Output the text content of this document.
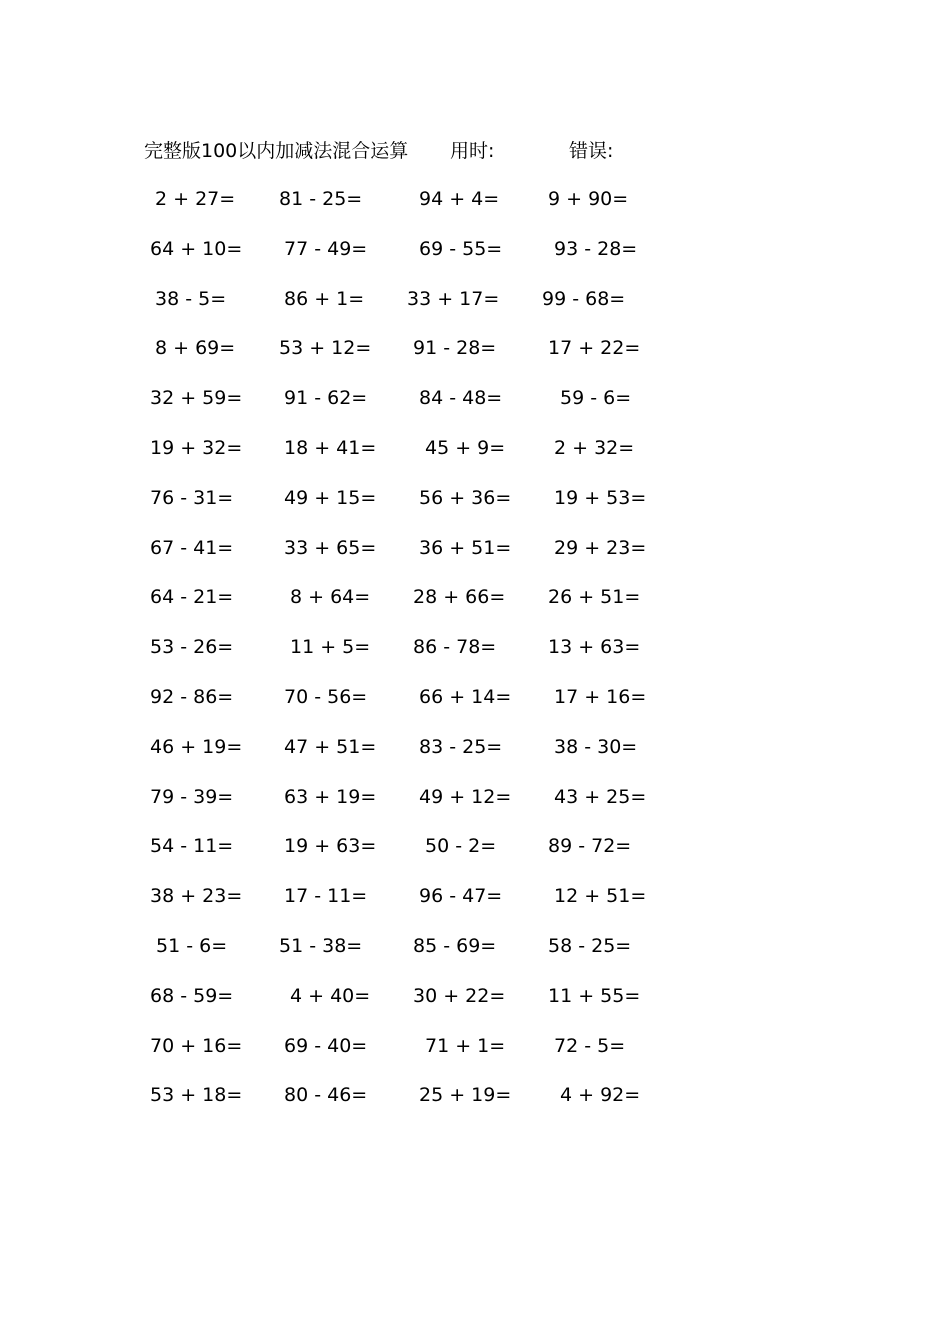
完整版100以内加减法混合运算 用时:	错误:
2 + 27= 81 - 25=	94 + 4=	9 + 90=
64 + 10= 77 - 49=	69 - 55=	93 - 28=
38 - 5=	86 + 1= 33 + 17= 99 - 68=
8 + 69= 53 + 12= 91 - 28=	17 + 22=
32 + 59= 91 - 62=	84 - 48=	59 - 6=
19 + 32= 18 + 41=	45 + 9=	2 + 32=
76 - 31=	49 + 15= 56 + 36= 19 + 53=
67 - 41=	33 + 65= 36 + 51= 29 + 23=
64 - 21=	8 + 64= 28 + 66= 26 + 51=
53 - 26=	11 + 5= 86 - 78=	13 + 63=
92 - 86=	70 - 56=	66 + 14= 17 + 16=
46 + 19= 47 + 51= 83 - 25=	38 - 30=
79 - 39=	63 + 19= 49 + 12= 43 + 25=
54 - 11=	19 + 63=	50 - 2=	89 - 72=
38 + 23= 17 - 11=	96 - 47=	12 + 51=
51 - 6=	51 - 38=	85 - 69=	58 - 25=
68 - 59=	4 + 40= 30 + 22= 11 + 55=
70 + 16= 69 - 40=	71 + 1=	72 - 5=
53 + 18= 80 - 46=	25 + 19=	4 + 92=
